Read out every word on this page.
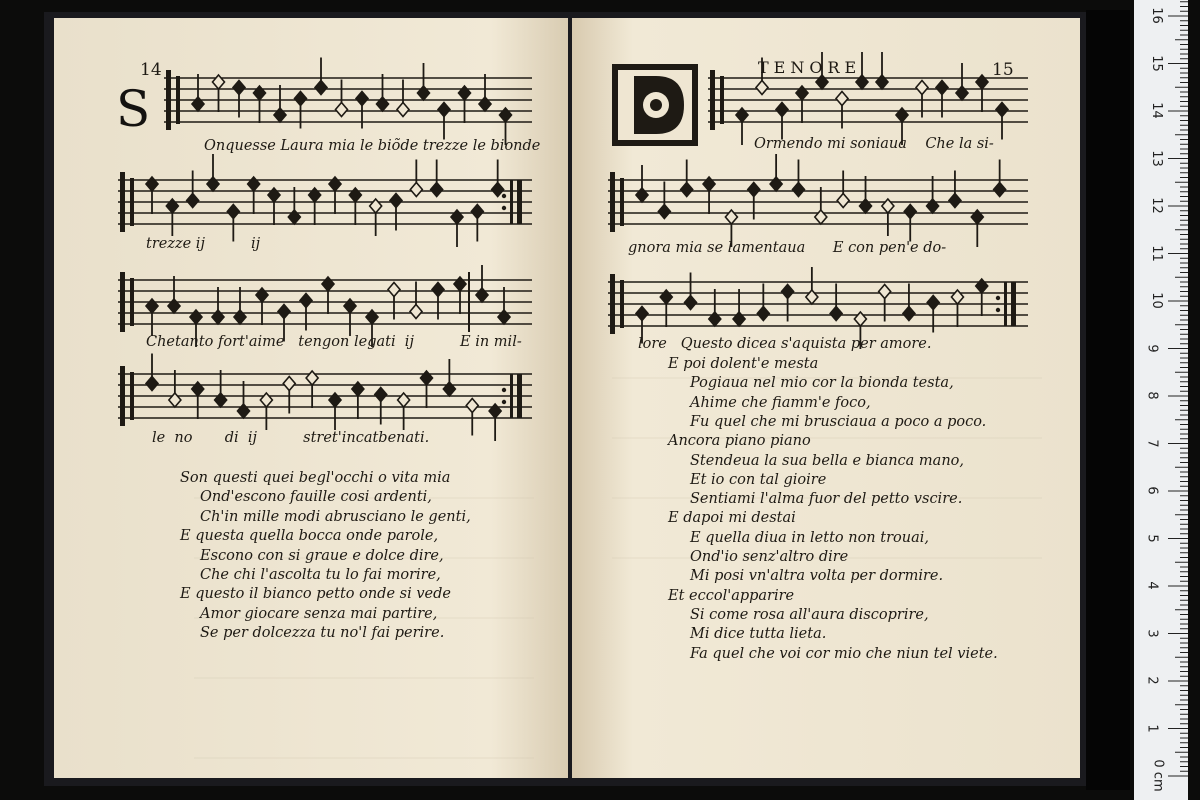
14
S
Onquesse Laura mia le biõde trezze le bionde
trezze ij          ij
Chetanto fort'aime   tengon legati  ij          E in mil-
le  no       di  ij          stret'incatbenati.
Son questi quei begl'occhi o vita mia
Ond'escono fauille cosi ardenti,
Ch'in mille modi abrusciano le genti,
E questa quella bocca onde parole,
Escono con si graue e dolce dire,
Che chi l'ascolta tu lo fai morire,
E questo il bianco petto onde si vede
Amor giocare senza mai partire,
Se per dolcezza tu no'l fai perire.
TENORE	15
Ormendo mi soniaua    Che la si-
gnora mia se lamentaua      E con pen'e do-
lore   Questo dicea s'aquista per amore.
E poi dolent'e mesta
Pogiaua nel mio cor la bionda testa,
Ahime che fiamm'e foco,
Fu quel che mi brusciaua a poco a poco.
Ancora piano piano
Stendeua la sua bella e bianca mano,
Et io con tal gioire
Sentiami l'alma fuor del petto vscire.
E dapoi mi destai
E quella diua in letto non trouai,
Ond'io senz'altro dire
Mi posi vn'altra volta per dormire.
Et eccol'apparire
Si come rosa all'aura discoprire,
Mi dice tutta lieta.
Fa quel che voi cor mio che niun tel viete.
0 cm
1
2
3
4
5
6
7
8
9
10
11
12
13
14
15
16
